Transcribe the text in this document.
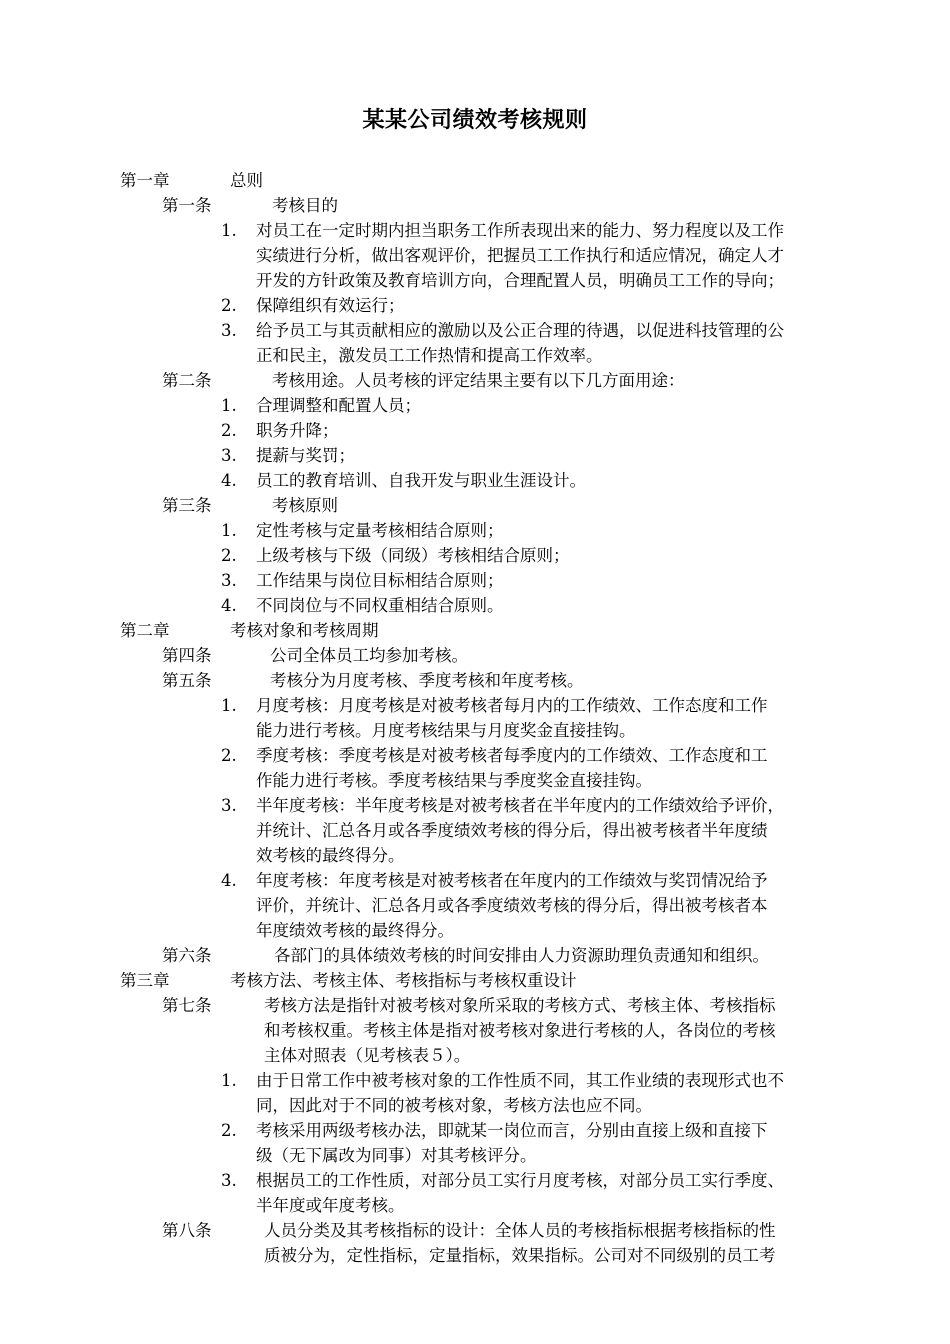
某某公司绩效考核规则
第一章	总则
第一条	考核目的
1. 对员工在一定时期内担当职务工作所表现出来的能力、努力程度以及工作
实绩进行分析，做出客观评价，把握员工工作执行和适应情况，确定人才
开发的方针政策及教育培训方向，合理配置人员，明确员工工作的导向；
2. 保障组织有效运行；
3. 给予员工与其贡献相应的激励以及公正合理的待遇，以促进科技管理的公
正和民主，激发员工工作热情和提高工作效率。
第二条	考核用途。人员考核的评定结果主要有以下几方面用途：
1. 合理调整和配置人员；
2. 职务升降；
3. 提薪与奖罚；
4. 员工的教育培训、自我开发与职业生涯设计。
第三条	考核原则
1. 定性考核与定量考核相结合原则；
2. 上级考核与下级（同级）考核相结合原则；
3. 工作结果与岗位目标相结合原则；
4. 不同岗位与不同权重相结合原则。
第二章	考核对象和考核周期
第四条	公司全体员工均参加考核。
第五条	考核分为月度考核、季度考核和年度考核。
1. 月度考核：月度考核是对被考核者每月内的工作绩效、工作态度和工作
能力进行考核。月度考核结果与月度奖金直接挂钩。
2. 季度考核：季度考核是对被考核者每季度内的工作绩效、工作态度和工
作能力进行考核。季度考核结果与季度奖金直接挂钩。
3. 半年度考核：半年度考核是对被考核者在半年度内的工作绩效给予评价，
并统计、汇总各月或各季度绩效考核的得分后，得出被考核者半年度绩
效考核的最终得分。
4. 年度考核：年度考核是对被考核者在年度内的工作绩效与奖罚情况给予
评价，并统计、汇总各月或各季度绩效考核的得分后，得出被考核者本
年度绩效考核的最终得分。
第六条	各部门的具体绩效考核的时间安排由人力资源助理负责通知和组织。
第三章	考核方法、考核主体、考核指标与考核权重设计
第七条	考核方法是指针对被考核对象所采取的考核方式、考核主体、考核指标
和考核权重。考核主体是指对被考核对象进行考核的人，各岗位的考核
主体对照表（见考核表５）。
1. 由于日常工作中被考核对象的工作性质不同，其工作业绩的表现形式也不
同，因此对于不同的被考核对象，考核方法也应不同。
2. 考核采用两级考核办法，即就某一岗位而言，分别由直接上级和直接下
级（无下属改为同事）对其考核评分。
3. 根据员工的工作性质，对部分员工实行月度考核，对部分员工实行季度、
半年度或年度考核。
第八条	人员分类及其考核指标的设计：全体人员的考核指标根据考核指标的性
质被分为，定性指标，定量指标，效果指标。公司对不同级别的员工考
